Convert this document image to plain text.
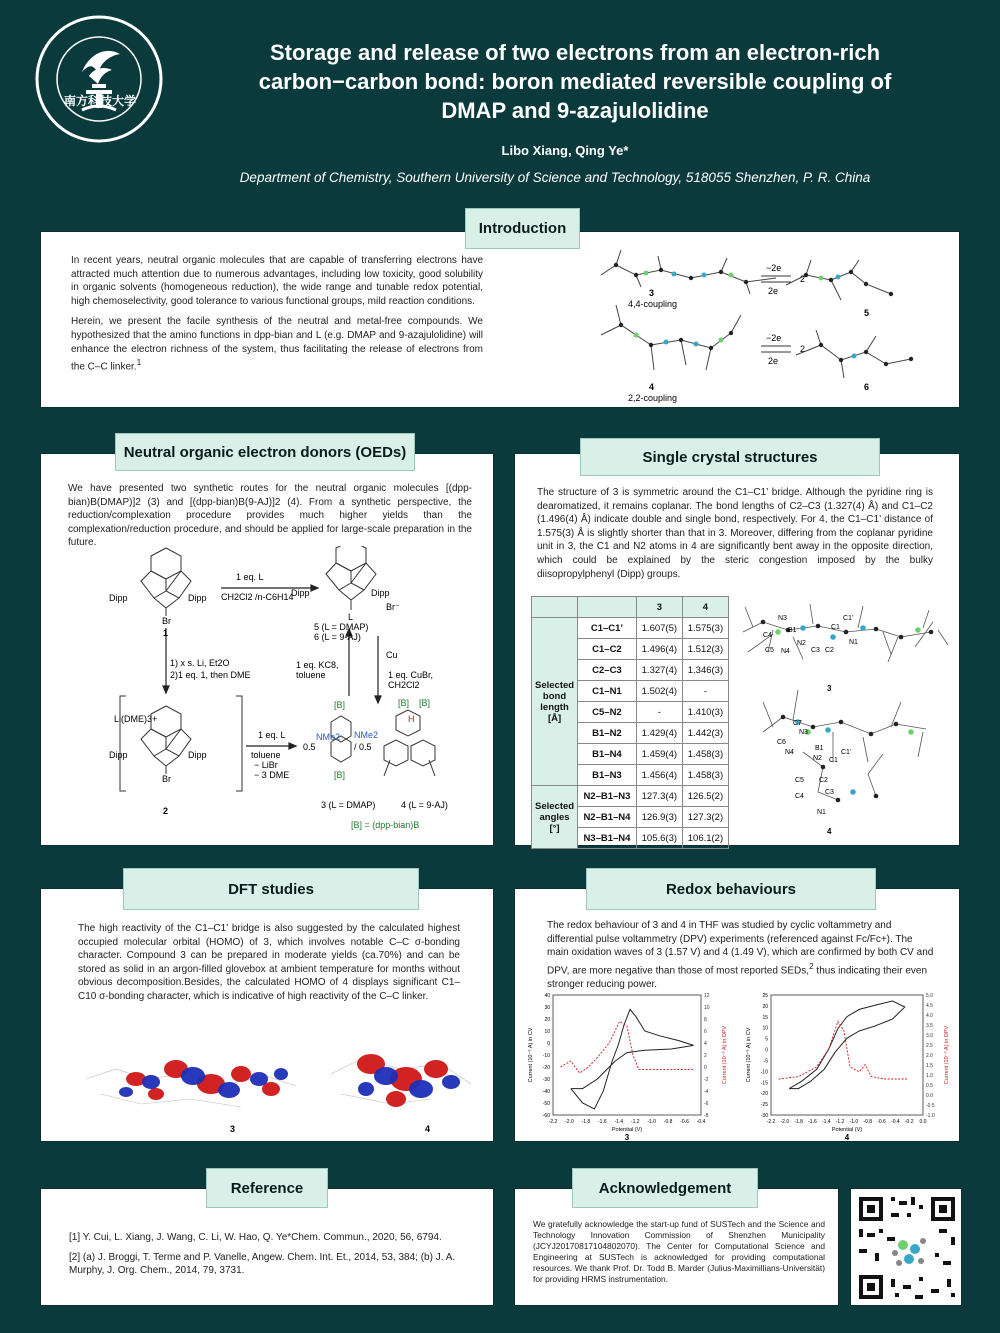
南方科技大学
Storage and release of two electrons from an electron-rich
carbon−carbon bond: boron mediated reversible coupling of
DMAP and 9-azajulolidine
Libo Xiang, Qing Ye*
Department of Chemistry, Southern University of Science and Technology, 518055 Shenzhen, P. R. China

In recent years, neutral organic molecules that are capable of transferring electrons have attracted much attention due to numerous advantages, including low toxicity, good solubility in organic solvents (homogeneous reduction), the wide range and tunable redox potential, high chemoselectivity, good tolerance to various functional groups, mild reaction conditions.

Herein, we present the facile synthesis of the neutral and metal-free compounds. We hypothesized that the amino functions in dpp-bian and L (e.g. DMAP and 9-azajulolidine) will enhance the electron richness of the system, thus facilitating the release of electrons from the C–C linker.$^1$

3
4,4-coupling
4
2,2-coupling
−2e
2e
−2e
2e
2
2
5
6
Introduction
We have presented two synthetic routes for the neutral organic molecules [(dpp-bian)B(DMAP)]2 (3) and [(dpp-bian)B(9-AJ)]2 (4). From a synthetic perspective, the reduction/complexation procedure provides much higher yields than the complexation/reduction procedure, and should be applied for large-scale preparation in the future.
Dipp	Dipp
Br
1
1 eq. L
CH2Cl2 /n-C6H14
Dipp	Dipp
Br⁻
L
5 (L = DMAP)
6 (L = 9-AJ)
Cu
1 eq. CuBr,
CH2Cl2
1 eq. KC8,
toluene
1) x s. Li, Et2O
2)1 eq. 1, then DME
Li(DME)3+
Dipp	Dipp
Br
2
1 eq. L
toluene
− LiBr
− 3 DME
0.5	/ 0.5
NMe2 NMe2
[B]
[B]
[B] [B]
H
3 (L = DMAP)	4 (L = 9-AJ)
[B] = (dpp-bian)B
Neutral organic electron donors (OEDs)
The structure of 3 is symmetric around the C1–C1’ bridge. Although the pyridine ring is dearomatized, it remains coplanar. The bond lengths of C2–C3 (1.327(4) Å) and C1–C2 (1.496(4) Å) indicate double and single bond, respectively. For 4, the C1–C1’ distance of 1.575(3) Å is slightly shorter than that in 3. Moreover, differing from the coplanar pyridine unit in 3, the C1 and N2 atoms in 4 are significantly bent away in the opposite direction, which could be explained by the steric congestion imposed by the bulky diisopropylphenyl (Dipp) groups.
		3	4
Selected bond length [Å]	C1–C1’	1.607(5)	1.575(3)
	C1–C2	1.496(4)	1.512(3)
	C2–C3	1.327(4)	1.346(3)
	C1–N1	1.502(4)	-
	C5–N2	-	1.410(3)
	B1–N2	1.429(4)	1.442(3)
	B1–N4	1.459(4)	1.458(3)
	B1–N3	1.456(4)	1.458(3)
Selected angles [°]	N2–B1–N3	127.3(4)	126.5(2)
	N2–B1–N4	126.9(3)	127.3(2)
	N3–B1–N4	105.6(3)	106.1(2)
C4
N3
B1
N2
C1
C1’
C5 N4	C3 C2
N1
3
C7
N3
C6
N4
B1
N2 C1
C1’
C5 C2
C3
C4
N1
4
Single crystal structures
The high reactivity of the C1–C1’ bridge is also suggested by the calculated highest occupied molecular orbital (HOMO) of 3, which involves notable C–C σ-bonding character. Compound 3 can be prepared in moderate yields (ca.70%) and can be stored as solid in an argon-filled glovebox at ambient temperature for months without obvious decomposition.Besides, the calculated HOMO of 4 displays significant C1–C10 σ-bonding character, which is indicative of high reactivity of the C–C linker.
3	4
DFT studies
The redox behaviour of 3 and 4 in THF was studied by cyclic voltammetry and differential pulse voltammetry (DPV) experiments (referenced against Fc/Fc+). The main oxidation waves of 3 (1.57 V) and 4 (1.49 V), which are confirmed by both CV and DPV, are more negative than those of most reported SEDs,$^2$ thus indicating their even stronger reducing power.
-2.2 -2.0 -1.8 -1.6 -1.4 -1.2 -1.0 -0.8 -0.6 -0.4
40
30
20
10
0
-10
-20
-30
-40
-50
-60
12
10
8
6
4
2
0
-2
-4
-6
-8
Potential (V)
Current (10⁻⁶ A) in CV	Current (10⁻⁶ A) in DPV
3
-2.2 -2.0 -1.8 -1.6 -1.4 -1.2 -1.0 -0.8 -0.6 -0.4 -0.2 0.0
25
20
15
10
5
0
-5
-10
-15
-20
-25
-30
5.0
4.5
4.0
3.5
3.0
2.5
2.0
1.5
1.0
0.5
0.0
-0.5
-1.0
Potential (V)
Current (10⁻⁶ A) in CV	Current (10⁻⁶ A) in DPV
4
Redox behaviours

[1] Y. Cui, L. Xiang, J. Wang, C. Li, W. Hao, Q. Ye*Chem. Commun., 2020, 56, 6794.

[2] (a) J. Broggi, T. Terme and P. Vanelle, Angew. Chem. Int. Et., 2014, 53, 384; (b) J. A. Murphy, J. Org. Chem., 2014, 79, 3731.

Reference
We gratefully acknowledge the start-up fund of SUSTech and the Science and Technology Innovation Commission of Shenzhen Municipality (JCYJ20170817104802070). The Center for Computational Science and Engineering at SUSTech is acknowledged for providing computational resources. We thank Prof. Dr. Todd B. Marder (Julius-Maximillians-Universität) for providing HRMS instrumentation.
Acknowledgement
